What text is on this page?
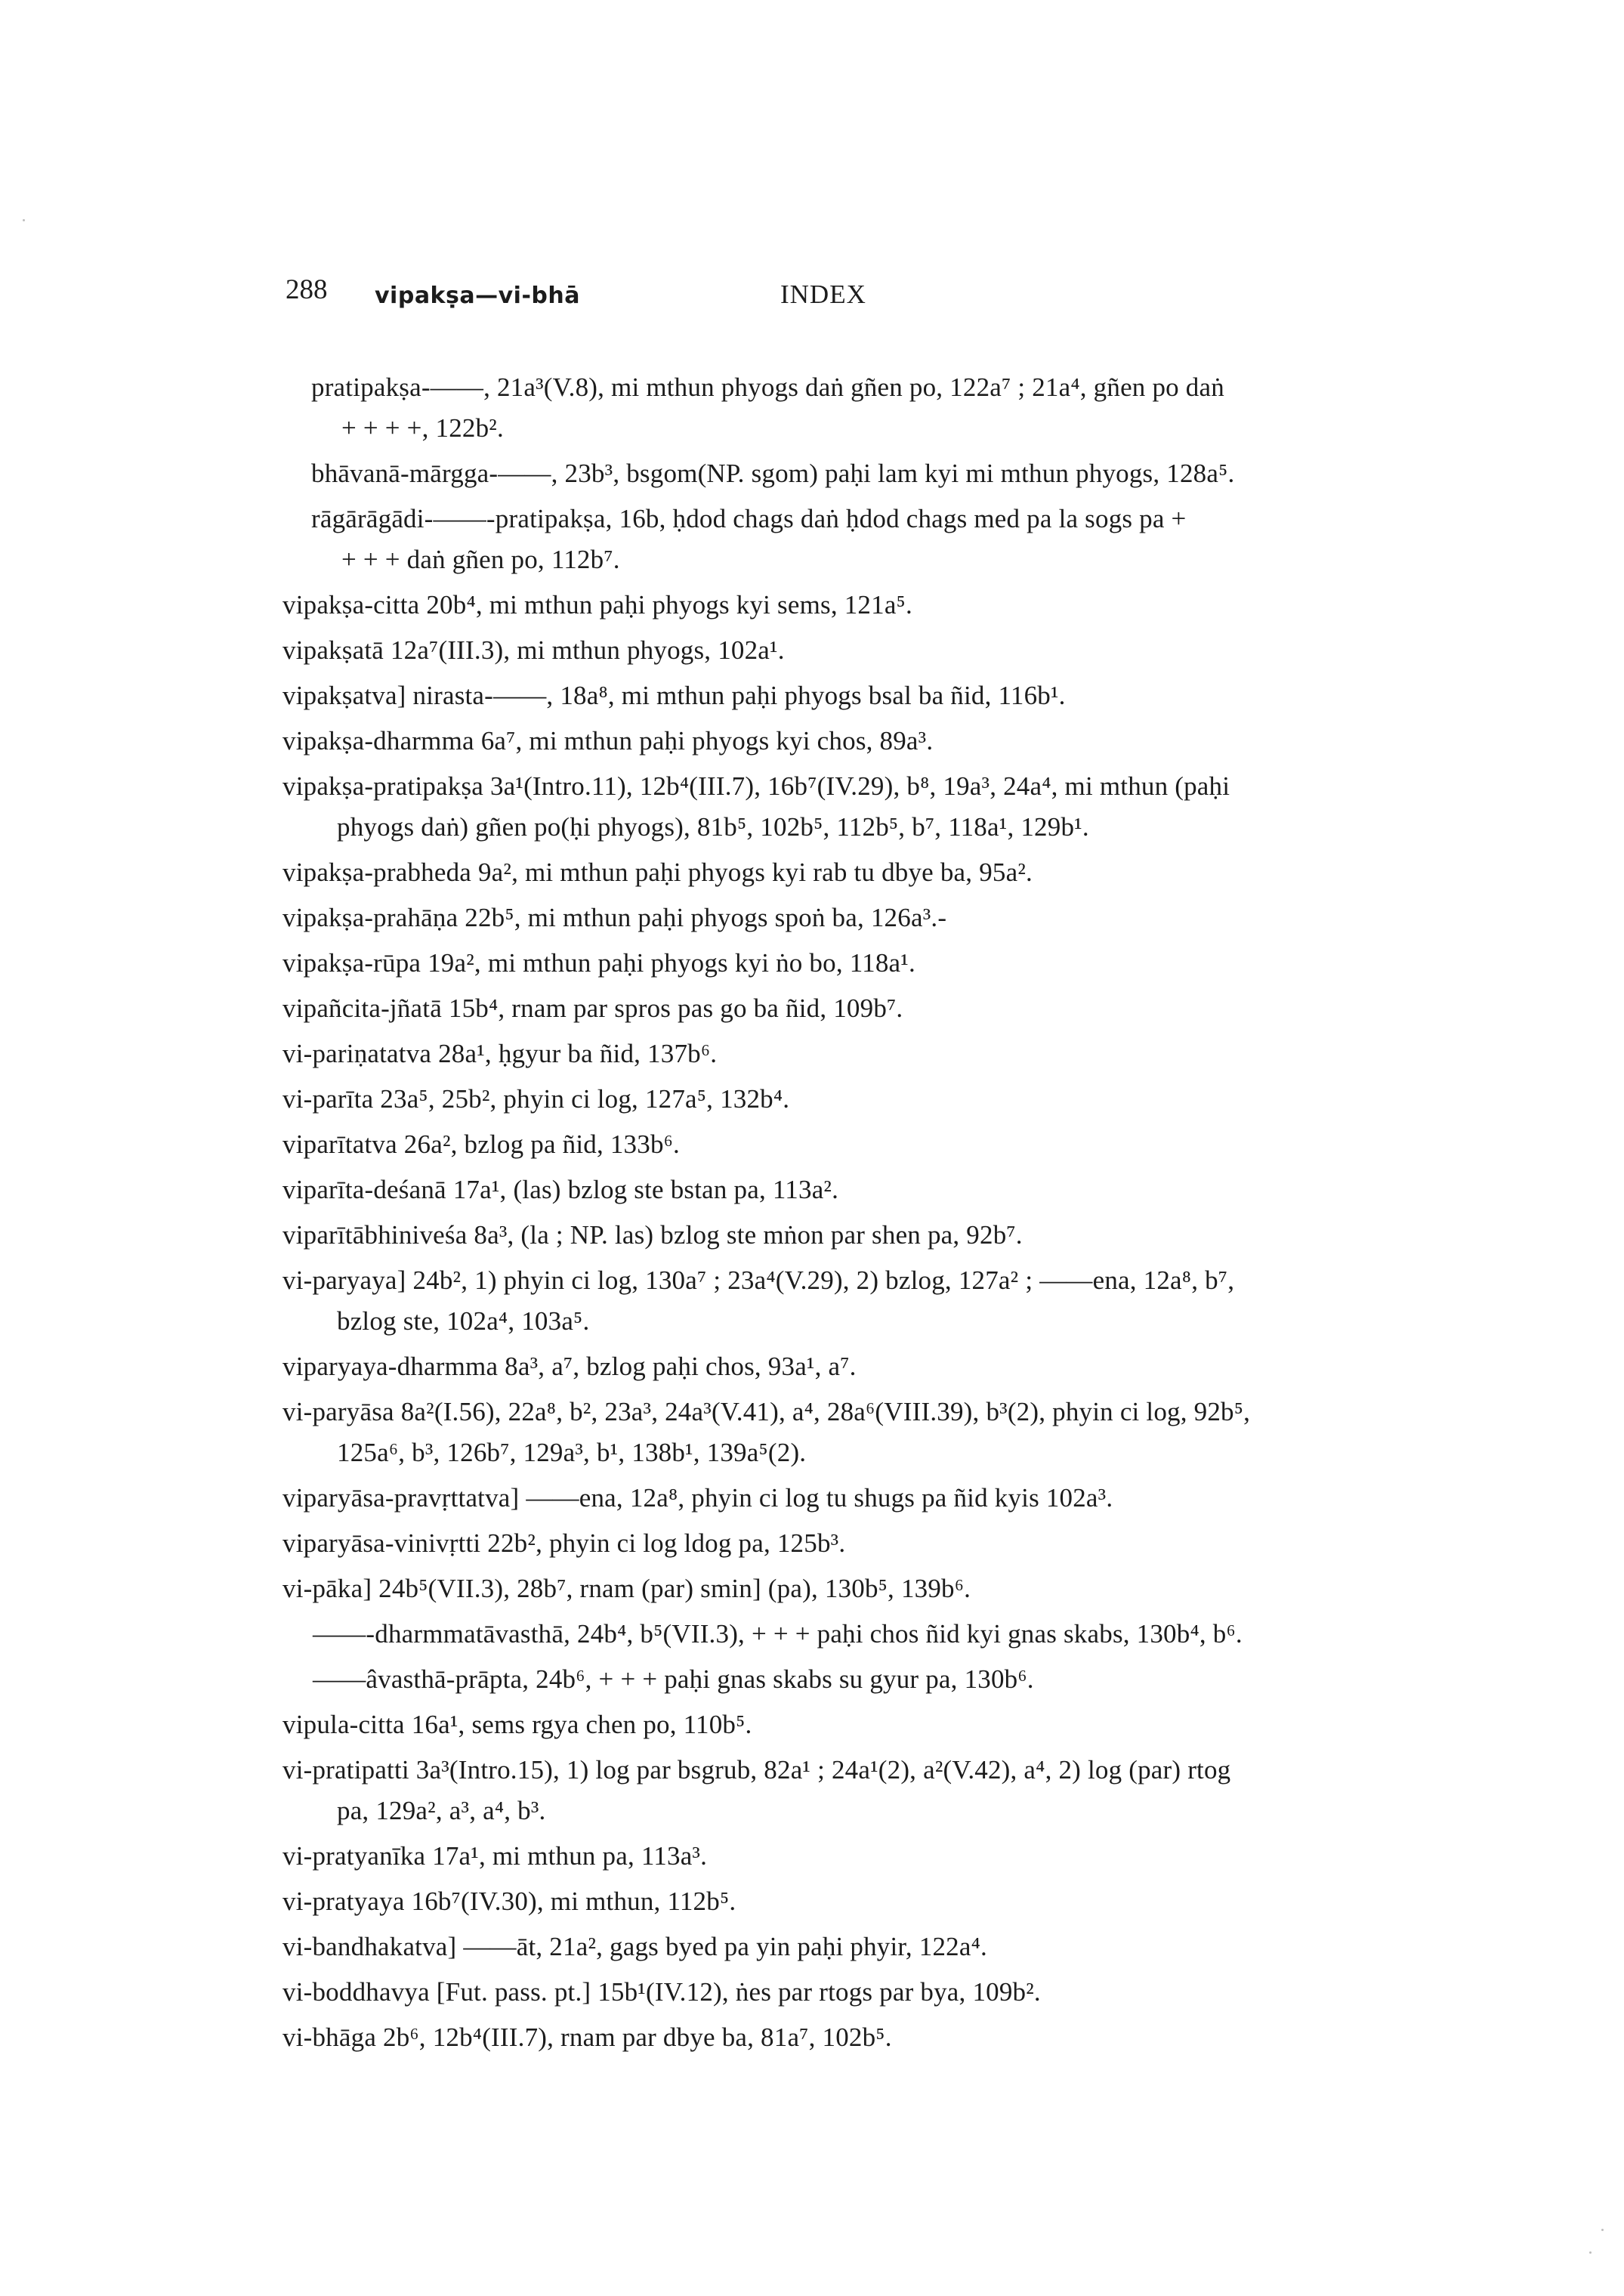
288 vipakṣa—vi-bhā	INDEX
pratipakṣa-——, 21a³(V.8), mi mthun phyogs daṅ gñen po, 122a⁷ ; 21a⁴, gñen po daṅ
+ + + +, 122b².
bhāvanā-mārgga-——, 23b³, bsgom(NP. sgom) paḥi lam kyi mi mthun phyogs, 128a⁵.
rāgārāgādi-——-pratipakṣa, 16b, ḥdod chags daṅ ḥdod chags med pa la sogs pa +
+ + + daṅ gñen po, 112b⁷.
vipakṣa-citta 20b⁴, mi mthun paḥi phyogs kyi sems, 121a⁵.
vipakṣatā 12a⁷(III.3), mi mthun phyogs, 102a¹.
vipakṣatva] nirasta-——, 18a⁸, mi mthun paḥi phyogs bsal ba ñid, 116b¹.
vipakṣa-dharmma 6a⁷, mi mthun paḥi phyogs kyi chos, 89a³.
vipakṣa-pratipakṣa 3a¹(Intro.11), 12b⁴(III.7), 16b⁷(IV.29), b⁸, 19a³, 24a⁴, mi mthun (paḥi
phyogs daṅ) gñen po(ḥi phyogs), 81b⁵, 102b⁵, 112b⁵, b⁷, 118a¹, 129b¹.
vipakṣa-prabheda 9a², mi mthun paḥi phyogs kyi rab tu dbye ba, 95a².
vipakṣa-prahāṇa 22b⁵, mi mthun paḥi phyogs spoṅ ba, 126a³.-
vipakṣa-rūpa 19a², mi mthun paḥi phyogs kyi ṅo bo, 118a¹.
vipañcita-jñatā 15b⁴, rnam par spros pas go ba ñid, 109b⁷.
vi-pariṇatatva 28a¹, ḥgyur ba ñid, 137b⁶.
vi-parīta 23a⁵, 25b², phyin ci log, 127a⁵, 132b⁴.
viparītatva 26a², bzlog pa ñid, 133b⁶.
viparīta-deśanā 17a¹, (las) bzlog ste bstan pa, 113a².
viparītābhiniveśa 8a³, (la ; NP. las) bzlog ste mṅon par shen pa, 92b⁷.
vi-paryaya] 24b², 1) phyin ci log, 130a⁷ ; 23a⁴(V.29), 2) bzlog, 127a² ; ——ena, 12a⁸, b⁷,
bzlog ste, 102a⁴, 103a⁵.
viparyaya-dharmma 8a³, a⁷, bzlog paḥi chos, 93a¹, a⁷.
vi-paryāsa 8a²(I.56), 22a⁸, b², 23a³, 24a³(V.41), a⁴, 28a⁶(VIII.39), b³(2), phyin ci log, 92b⁵,
125a⁶, b³, 126b⁷, 129a³, b¹, 138b¹, 139a⁵(2).
viparyāsa-pravṛttatva] ——ena, 12a⁸, phyin ci log tu shugs pa ñid kyis 102a³.
viparyāsa-vinivṛtti 22b², phyin ci log ldog pa, 125b³.
vi-pāka] 24b⁵(VII.3), 28b⁷, rnam (par) smin] (pa), 130b⁵, 139b⁶.
——-dharmmatāvasthā, 24b⁴, b⁵(VII.3), + + + paḥi chos ñid kyi gnas skabs, 130b⁴, b⁶.
——âvasthā-prāpta, 24b⁶, + + + paḥi gnas skabs su gyur pa, 130b⁶.
vipula-citta 16a¹, sems rgya chen po, 110b⁵.
vi-pratipatti 3a³(Intro.15), 1) log par bsgrub, 82a¹ ; 24a¹(2), a²(V.42), a⁴, 2) log (par) rtog
pa, 129a², a³, a⁴, b³.
vi-pratyanīka 17a¹, mi mthun pa, 113a³.
vi-pratyaya 16b⁷(IV.30), mi mthun, 112b⁵.
vi-bandhakatva] ——āt, 21a², gags byed pa yin paḥi phyir, 122a⁴.
vi-boddhavya [Fut. pass. pt.] 15b¹(IV.12), ṅes par rtogs par bya, 109b².
vi-bhāga 2b⁶, 12b⁴(III.7), rnam par dbye ba, 81a⁷, 102b⁵.
